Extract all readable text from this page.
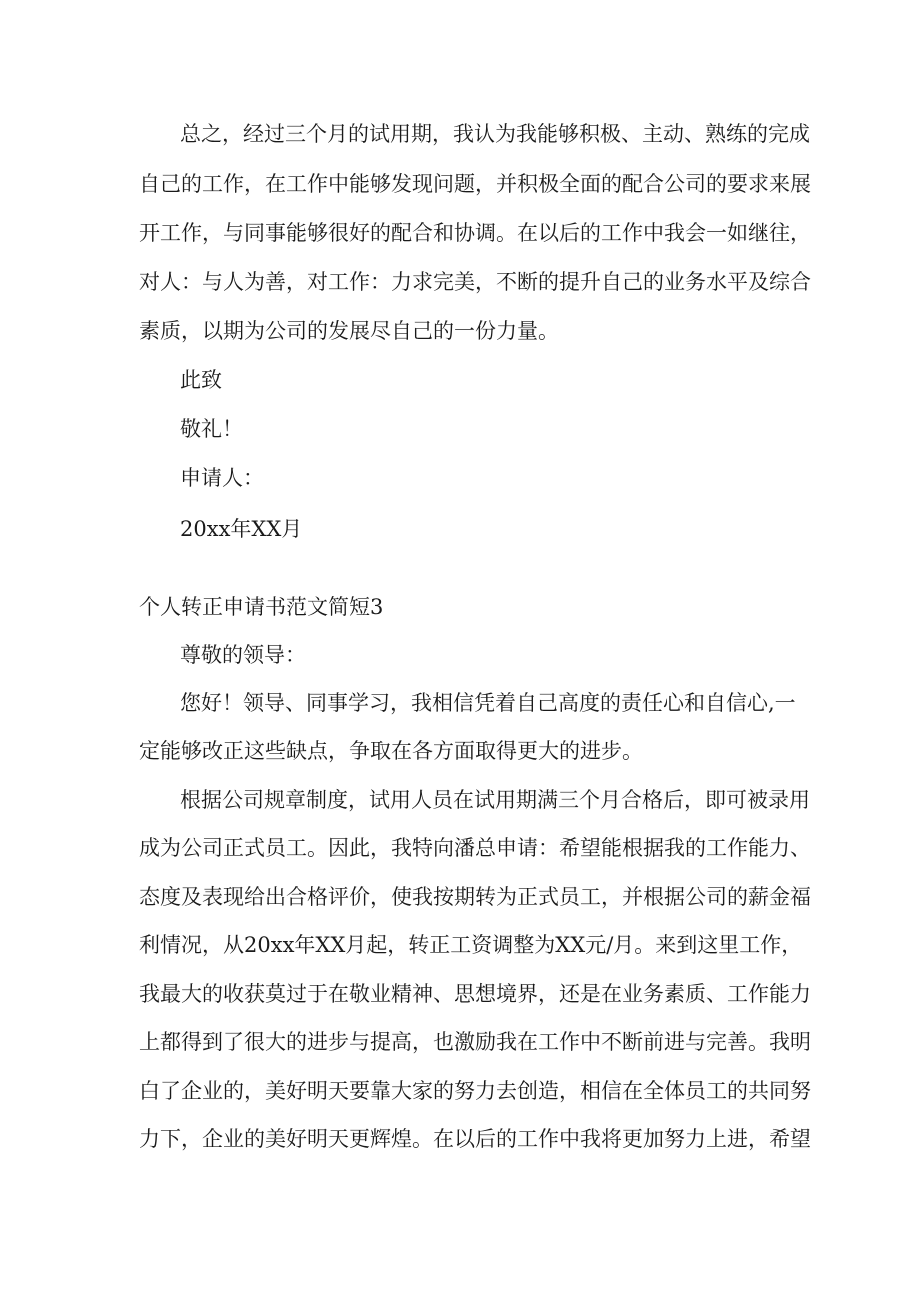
总之，经过三个月的试用期，我认为我能够积极、主动、熟练的完成

自己的工作，在工作中能够发现问题，并积极全面的配合公司的要求来展

开工作，与同事能够很好的配合和协调。在以后的工作中我会一如继往，

对人：与人为善，对工作：力求完美，不断的提升自己的业务水平及综合

素质，以期为公司的发展尽自己的一份力量。

此致

敬礼！

申请人：

20xx年XX月

个人转正申请书范文简短3

尊敬的领导：

您好！领导、同事学习，我相信凭着自己高度的责任心和自信心,一

定能够改正这些缺点，争取在各方面取得更大的进步。

根据公司规章制度，试用人员在试用期满三个月合格后，即可被录用

成为公司正式员工。因此，我特向潘总申请：希望能根据我的工作能力、

态度及表现给出合格评价，使我按期转为正式员工，并根据公司的薪金福

利情况，从20xx年XX月起，转正工资调整为XX元/月。来到这里工作，

我最大的收获莫过于在敬业精神、思想境界，还是在业务素质、工作能力

上都得到了很大的进步与提高，也激励我在工作中不断前进与完善。我明

白了企业的，美好明天要靠大家的努力去创造，相信在全体员工的共同努

力下，企业的美好明天更辉煌。在以后的工作中我将更加努力上进，希望
